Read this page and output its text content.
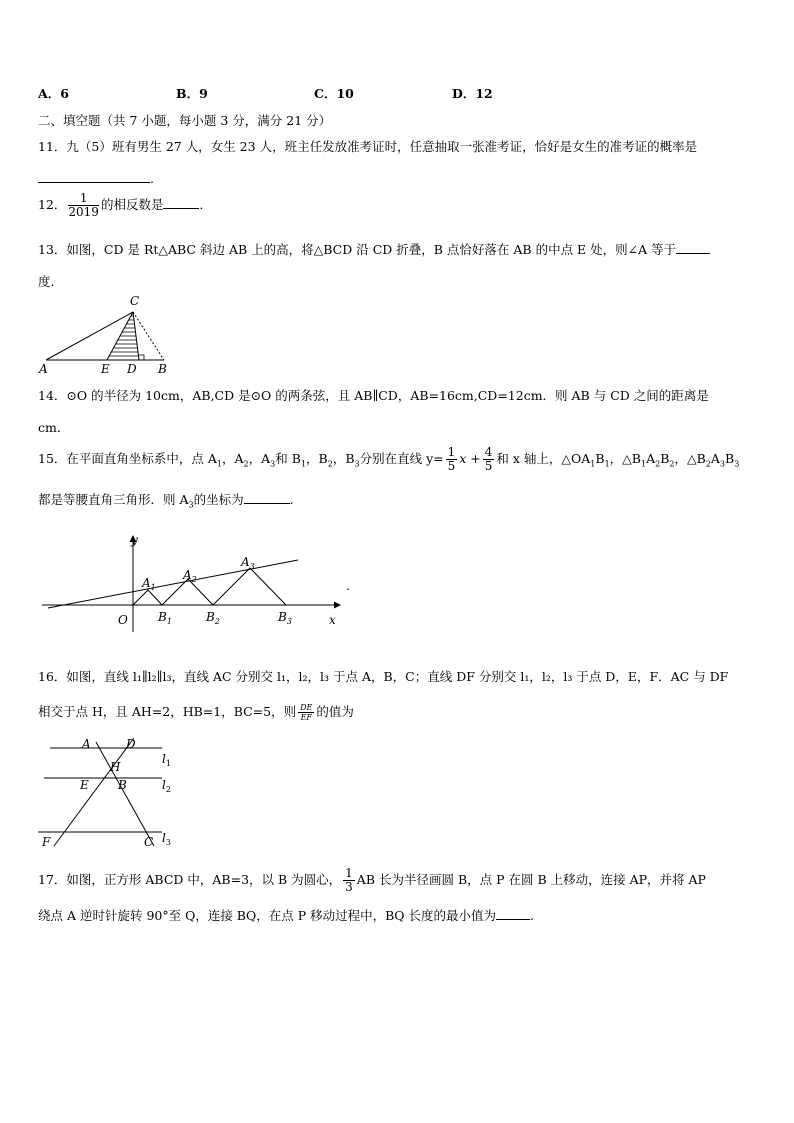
A．6	B．9	C．10	D．12
二、填空题（共 7 小题，每小题 3 分，满分 21 分）
11．九（5）班有男生 27 人，女生 23 人，班主任发放准考证时，任意抽取一张准考证，恰好是女生的准考证的概率是
.
12． $\frac{1}{2019}$ 的相反数是	．
13．如图，CD 是 Rt△ABC 斜边 AB 上的高，将△BCD 沿 CD 折叠，B 点恰好落在 AB 的中点 E 处，则∠A 等于
度.
C
A	E D B
14．⊙O 的半径为 10cm，AB,CD 是⊙O 的两条弦，且 AB∥CD，AB=16cm,CD=12cm．则 AB 与 CD 之间的距离是
cm．
15．在平面直角坐标系中，点 $A_1$，$A_2$，$A_3$和 $B_1$，$B_2$，$B_3$分别在直线 $y= \frac{1}{5}$ $x + \frac{4}{5}$ 和 x 轴上，$\triangle OA_1B_1$，$\triangle B_1A_2B_2$，$\triangle B_2A_3B_3$
都是等腰直角三角形．则 $A_3$的坐标为	.
y
x
O
$A_1$
$A_2$
$A_3$
$B_1$	$B_2$	$B_3$
.
16．如图，直线 l₁∥l₂∥l₃，直线 AC 分别交 l₁，l₂，l₃ 于点 A，B，C；直线 DF 分别交 l₁，l₂，l₃ 于点 D，E，F．AC 与 DF
相交于点 H，且 AH=2，HB=1，BC=5，则 $\frac{DE}{EF}$ 的值为
A	D
H
E B
F	C
$l_1$
$l_2$
$l_3$
17．如图，正方形 ABCD 中，AB=3，以 B 为圆心， $\frac{1}{3}$ AB 长为半径画圆 B，点 P 在圆 B 上移动，连接 AP，并将 AP
绕点 A 逆时针旋转 90°至 Q，连接 BQ，在点 P 移动过程中，BQ 长度的最小值为	.
